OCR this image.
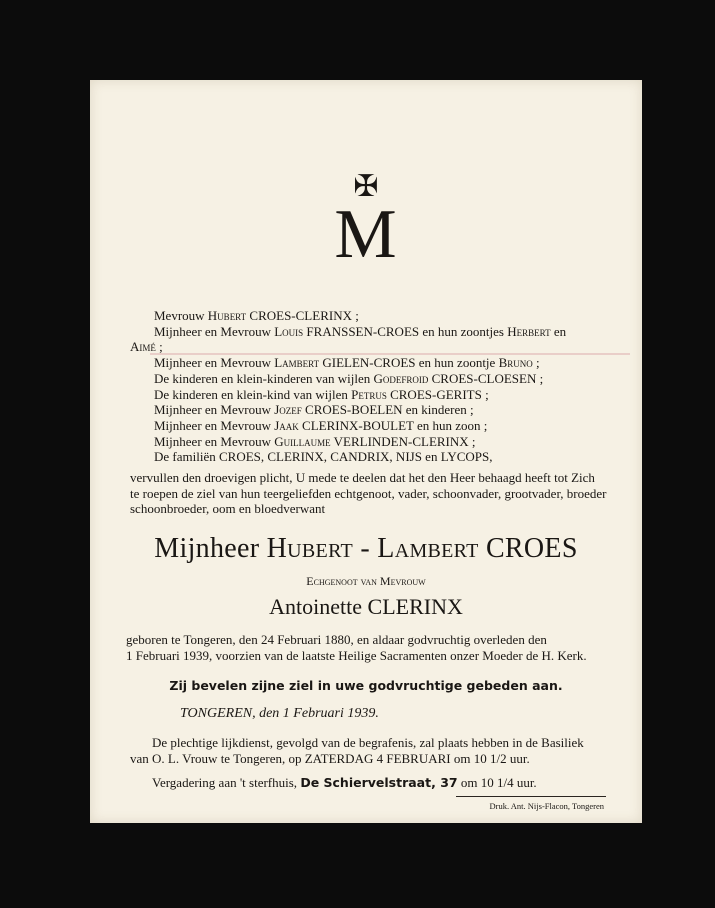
✠
M
Mevrouw Hubert CROES-CLERINX ;
Mijnheer en Mevrouw Louis FRANSSEN-CROES en hun zoontjes Herbert en
Aimé ;
Mijnheer en Mevrouw Lambert GIELEN-CROES en hun zoontje Bruno ;
De kinderen en klein-kinderen van wijlen Godefroid CROES-CLOESEN ;
De kinderen en klein-kind van wijlen Petrus CROES-GERITS ;
Mijnheer en Mevrouw Jozef CROES-BOELEN en kinderen ;
Mijnheer en Mevrouw Jaak CLERINX-BOULET en hun zoon ;
Mijnheer en Mevrouw Guillaume VERLINDEN-CLERINX ;
De familiën CROES, CLERINX, CANDRIX, NIJS en LYCOPS,
vervullen den droevigen plicht, U mede te deelen dat het den Heer behaagd heeft tot Zich
te roepen de ziel van hun teergeliefden echtgenoot, vader, schoonvader, grootvader, broeder
schoonbroeder, oom en bloedverwant
Mijnheer Hubert - Lambert CROES
Echgenoot van Mevrouw
Antoinette CLERINX
geboren te Tongeren, den 24 Februari 1880, en aldaar godvruchtig overleden den
1 Februari 1939, voorzien van de laatste Heilige Sacramenten onzer Moeder de H. Kerk.
Zij bevelen zijne ziel in uwe godvruchtige gebeden aan.
TONGEREN, den 1 Februari 1939.
De plechtige lijkdienst, gevolgd van de begrafenis, zal plaats hebben in de Basiliek
van O. L. Vrouw te Tongeren, op ZATERDAG 4 FEBRUARI om 10 1/2 uur.
Vergadering aan 't sterfhuis, De Schiervelstraat, 37 om 10 1/4 uur.
Druk. Ant. Nijs-Flacon, Tongeren
